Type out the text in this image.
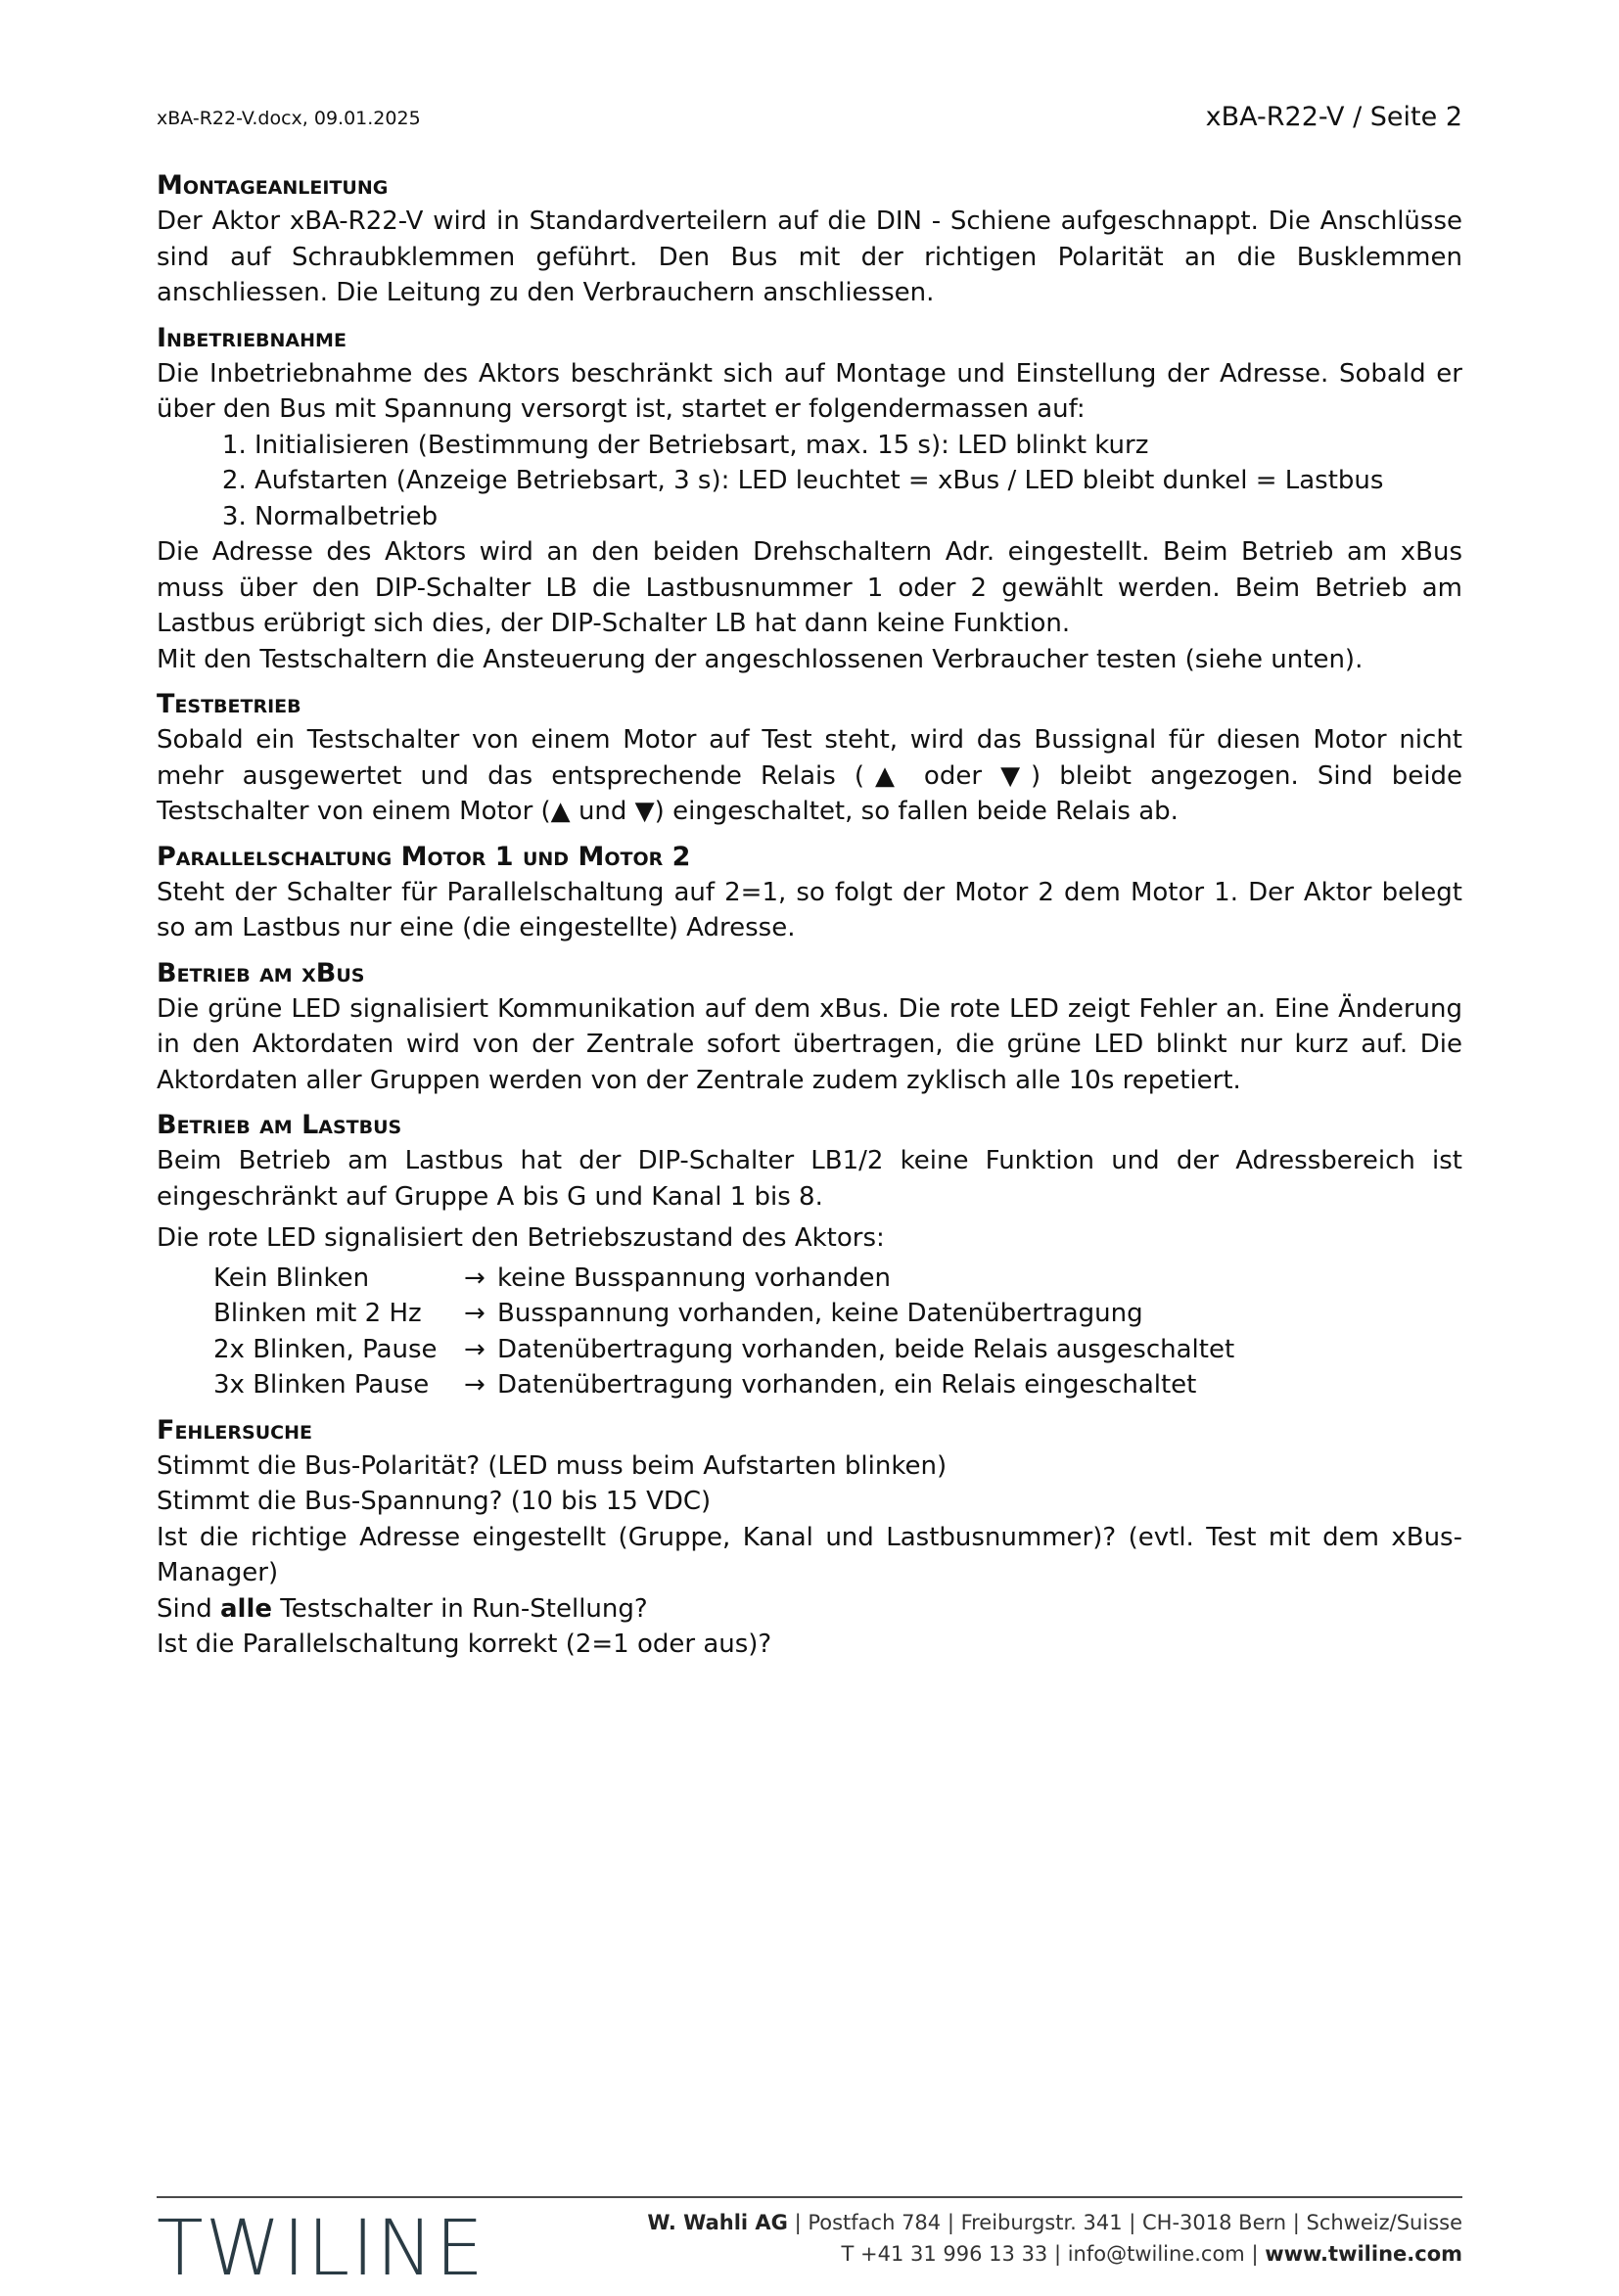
xBA-R22-V.docx, 09.01.2025	xBA-R22-V / Seite 2
Montageanleitung

Der Aktor xBA-R22-V wird in Standardverteilern auf die DIN - Schiene aufgeschnappt. Die Anschlüsse sind auf Schraubklemmen geführt. Den Bus mit der richtigen Polarität an die Busklemmen anschliessen. Die Leitung zu den Verbrauchern anschliessen.

Inbetriebnahme

Die Inbetriebnahme des Aktors beschränkt sich auf Montage und Einstellung der Adresse. Sobald er über den Bus mit Spannung versorgt ist, startet er folgendermassen auf:

1. Initialisieren (Bestimmung der Betriebsart, max. 15 s): LED blinkt kurz
2. Aufstarten (Anzeige Betriebsart, 3 s): LED leuchtet = xBus / LED bleibt dunkel = Lastbus
3. Normalbetrieb

Die Adresse des Aktors wird an den beiden Drehschaltern Adr. eingestellt. Beim Betrieb am xBus muss über den DIP-Schalter LB die Lastbusnummer 1 oder 2 gewählt werden. Beim Betrieb am Lastbus erübrigt sich dies, der DIP-Schalter LB hat dann keine Funktion.

Mit den Testschaltern die Ansteuerung der angeschlossenen Verbraucher testen (siehe unten).

Testbetrieb

Sobald ein Testschalter von einem Motor auf Test steht, wird das Bussignal für diesen Motor nicht mehr ausgewertet und das entsprechende Relais (▲ oder ▼) bleibt angezogen. Sind beide Testschalter von einem Motor (▲ und ▼) eingeschaltet, so fallen beide Relais ab.

Parallelschaltung Motor 1 und Motor 2

Steht der Schalter für Parallelschaltung auf 2=1, so folgt der Motor 2 dem Motor 1. Der Aktor belegt so am Lastbus nur eine (die eingestellte) Adresse.

Betrieb am xBus

Die grüne LED signalisiert Kommunikation auf dem xBus. Die rote LED zeigt Fehler an. Eine Änderung in den Aktordaten wird von der Zentrale sofort übertragen, die grüne LED blinkt nur kurz auf. Die Aktordaten aller Gruppen werden von der Zentrale zudem zyklisch alle 10s repetiert.

Betrieb am Lastbus

Beim Betrieb am Lastbus hat der DIP-Schalter LB1/2 keine Funktion und der Adressbereich ist eingeschränkt auf Gruppe A bis G und Kanal 1 bis 8.

Die rote LED signalisiert den Betriebszustand des Aktors:

Kein Blinken	→ keine Busspannung vorhanden
Blinken mit 2 Hz	→ Busspannung vorhanden, keine Datenübertragung
2x Blinken, Pause	→ Datenübertragung vorhanden, beide Relais ausgeschaltet
3x Blinken Pause	→ Datenübertragung vorhanden, ein Relais eingeschaltet
Fehlersuche

Stimmt die Bus-Polarität? (LED muss beim Aufstarten blinken)

Stimmt die Bus-Spannung? (10 bis 15 VDC)

Ist die richtige Adresse eingestellt (Gruppe, Kanal und Lastbusnummer)? (evtl. Test mit dem xBus-Manager)

Sind alle Testschalter in Run-Stellung?

Ist die Parallelschaltung korrekt (2=1 oder aus)?

TWILINE	W. Wahli AG | Postfach 784 | Freiburgstr. 341 | CH-3018 Bern | Schweiz/Suisse
T +41 31 996 13 33 | info@twiline.com | www.twiline.com
